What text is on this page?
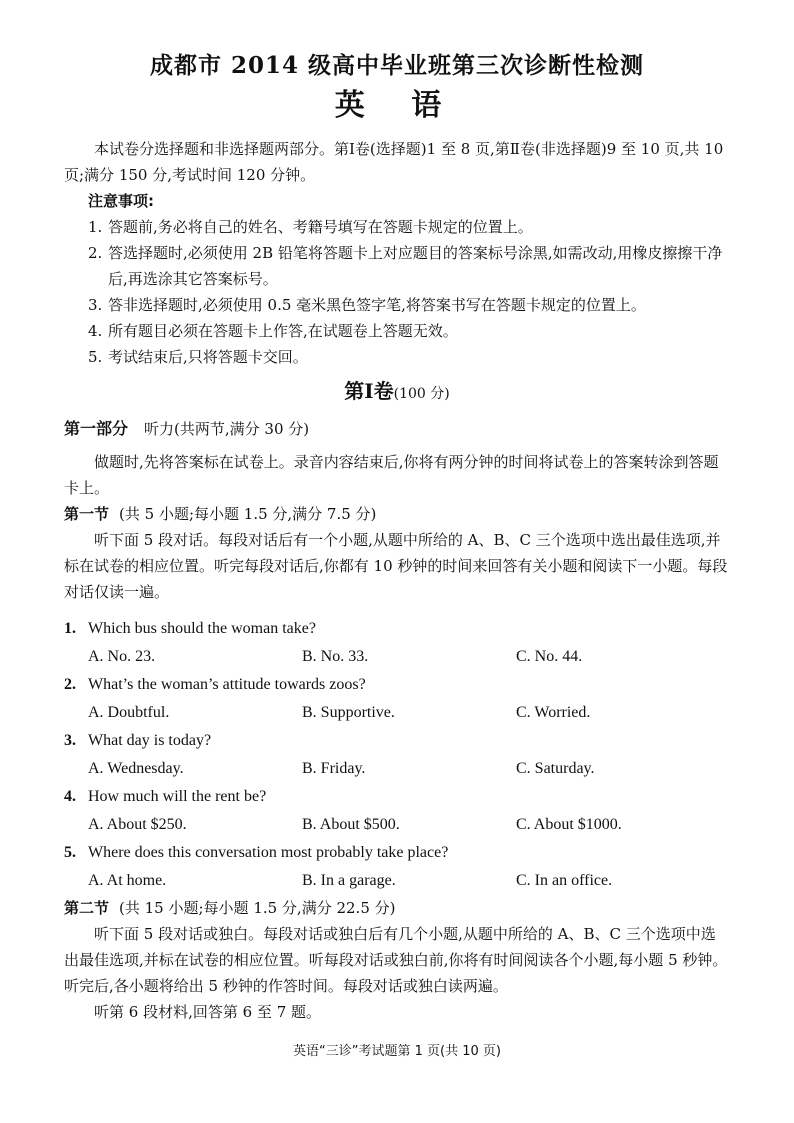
成都市 2014 级高中毕业班第三次诊断性检测
英 语

本试卷分选择题和非选择题两部分。第Ⅰ卷(选择题)1 至 8 页,第Ⅱ卷(非选择题)9 至 10 页,共 10 页;满分 150 分,考试时间 120 分钟。

注意事项:
1. 答题前,务必将自己的姓名、考籍号填写在答题卡规定的位置上。
2. 答选择题时,必须使用 2B 铅笔将答题卡上对应题目的答案标号涂黑,如需改动,用橡皮擦擦干净后,再选涂其它答案标号。
3. 答非选择题时,必须使用 0.5 毫米黑色签字笔,将答案书写在答题卡规定的位置上。
4. 所有题目必须在答题卡上作答,在试题卷上答题无效。
5. 考试结束后,只将答题卡交回。
第Ⅰ卷(100 分)
第一部分 听力(共两节,满分 30 分)

做题时,先将答案标在试卷上。录音内容结束后,你将有两分钟的时间将试卷上的答案转涂到答题卡上。

第一节 (共 5 小题;每小题 1.5 分,满分 7.5 分)

听下面 5 段对话。每段对话后有一个小题,从题中所给的 A、B、C 三个选项中选出最佳选项,并标在试卷的相应位置。听完每段对话后,你都有 10 秒钟的时间来回答有关小题和阅读下一小题。每段对话仅读一遍。

1. Which bus should the woman take?

A. No. 23.	B. No. 33.	C. No. 44.

2. What’s the woman’s attitude towards zoos?

A. Doubtful.	B. Supportive.	C. Worried.

3. What day is today?

A. Wednesday.	B. Friday.	C. Saturday.

4. How much will the rent be?

A. About $250.	B. About $500.	C. About $1000.

5. Where does this conversation most probably take place?

A. At home.	B. In a garage.	C. In an office.
第二节 (共 15 小题;每小题 1.5 分,满分 22.5 分)

听下面 5 段对话或独白。每段对话或独白后有几个小题,从题中所给的 A、B、C 三个选项中选出最佳选项,并标在试卷的相应位置。听每段对话或独白前,你将有时间阅读各个小题,每小题 5 秒钟。听完后,各小题将给出 5 秒钟的作答时间。每段对话或独白读两遍。

听第 6 段材料,回答第 6 至 7 题。

英语“三诊”考试题第 1 页(共 10 页)
